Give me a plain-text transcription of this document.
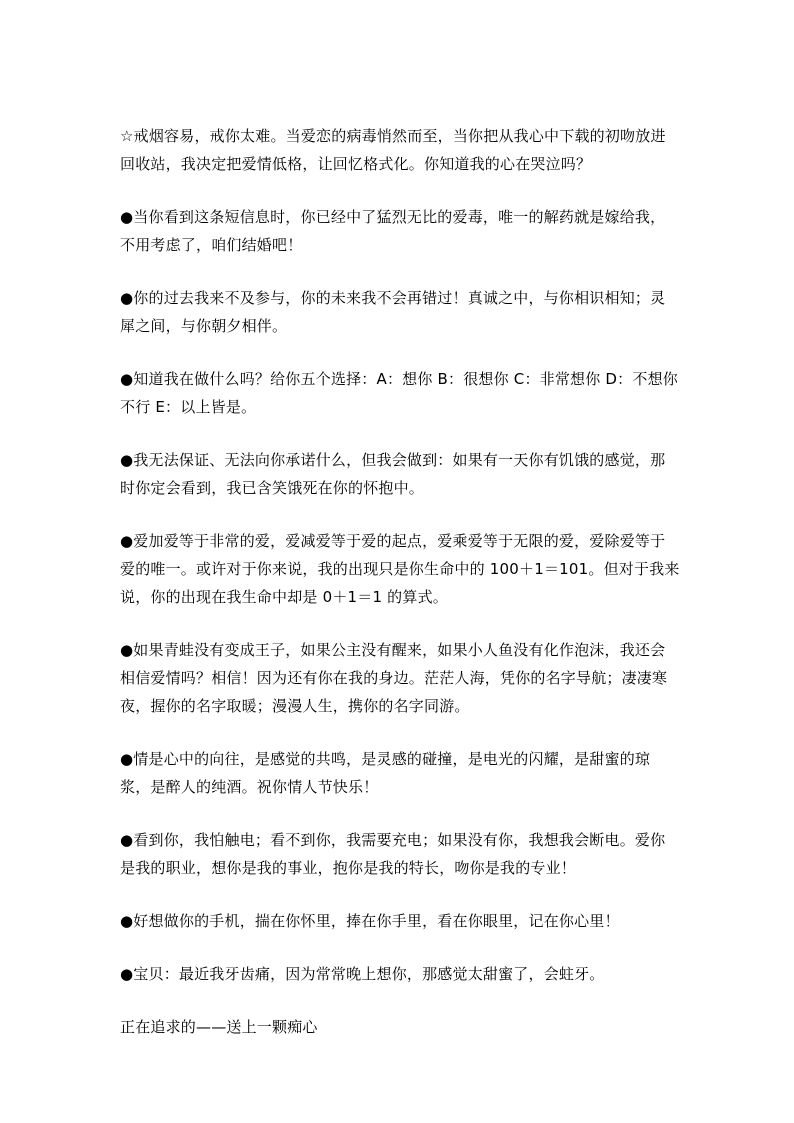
☆戒烟容易，戒你太难。当爱恋的病毒悄然而至，当你把从我心中下载的初吻放进回收站，我决定把爱情低格，让回忆格式化。你知道我的心在哭泣吗？

●当你看到这条短信息时，你已经中了猛烈无比的爱毒，唯一的解药就是嫁给我，不用考虑了，咱们结婚吧！

●你的过去我来不及参与，你的未来我不会再错过！真诚之中，与你相识相知；灵犀之间，与你朝夕相伴。

●知道我在做什么吗？给你五个选择：A：想你 B：很想你 C：非常想你 D：不想你不行 E：以上皆是。

●我无法保证、无法向你承诺什么，但我会做到：如果有一天你有饥饿的感觉，那时你定会看到，我已含笑饿死在你的怀抱中。

●爱加爱等于非常的爱，爱减爱等于爱的起点，爱乘爱等于无限的爱，爱除爱等于爱的唯一。或许对于你来说，我的出现只是你生命中的 100＋1＝101。但对于我来说，你的出现在我生命中却是 0＋1＝1 的算式。

●如果青蛙没有变成王子，如果公主没有醒来，如果小人鱼没有化作泡沫，我还会相信爱情吗？相信！因为还有你在我的身边。茫茫人海，凭你的名字导航；凄凄寒夜，握你的名字取暖；漫漫人生，携你的名字同游。

●情是心中的向往，是感觉的共鸣，是灵感的碰撞，是电光的闪耀，是甜蜜的琼浆，是醉人的纯酒。祝你情人节快乐！

●看到你，我怕触电；看不到你，我需要充电；如果没有你，我想我会断电。爱你是我的职业，想你是我的事业，抱你是我的特长，吻你是我的专业！

●好想做你的手机，揣在你怀里，捧在你手里，看在你眼里，记在你心里！

●宝贝：最近我牙齿痛，因为常常晚上想你，那感觉太甜蜜了，会蛀牙。

正在追求的——送上一颗痴心
